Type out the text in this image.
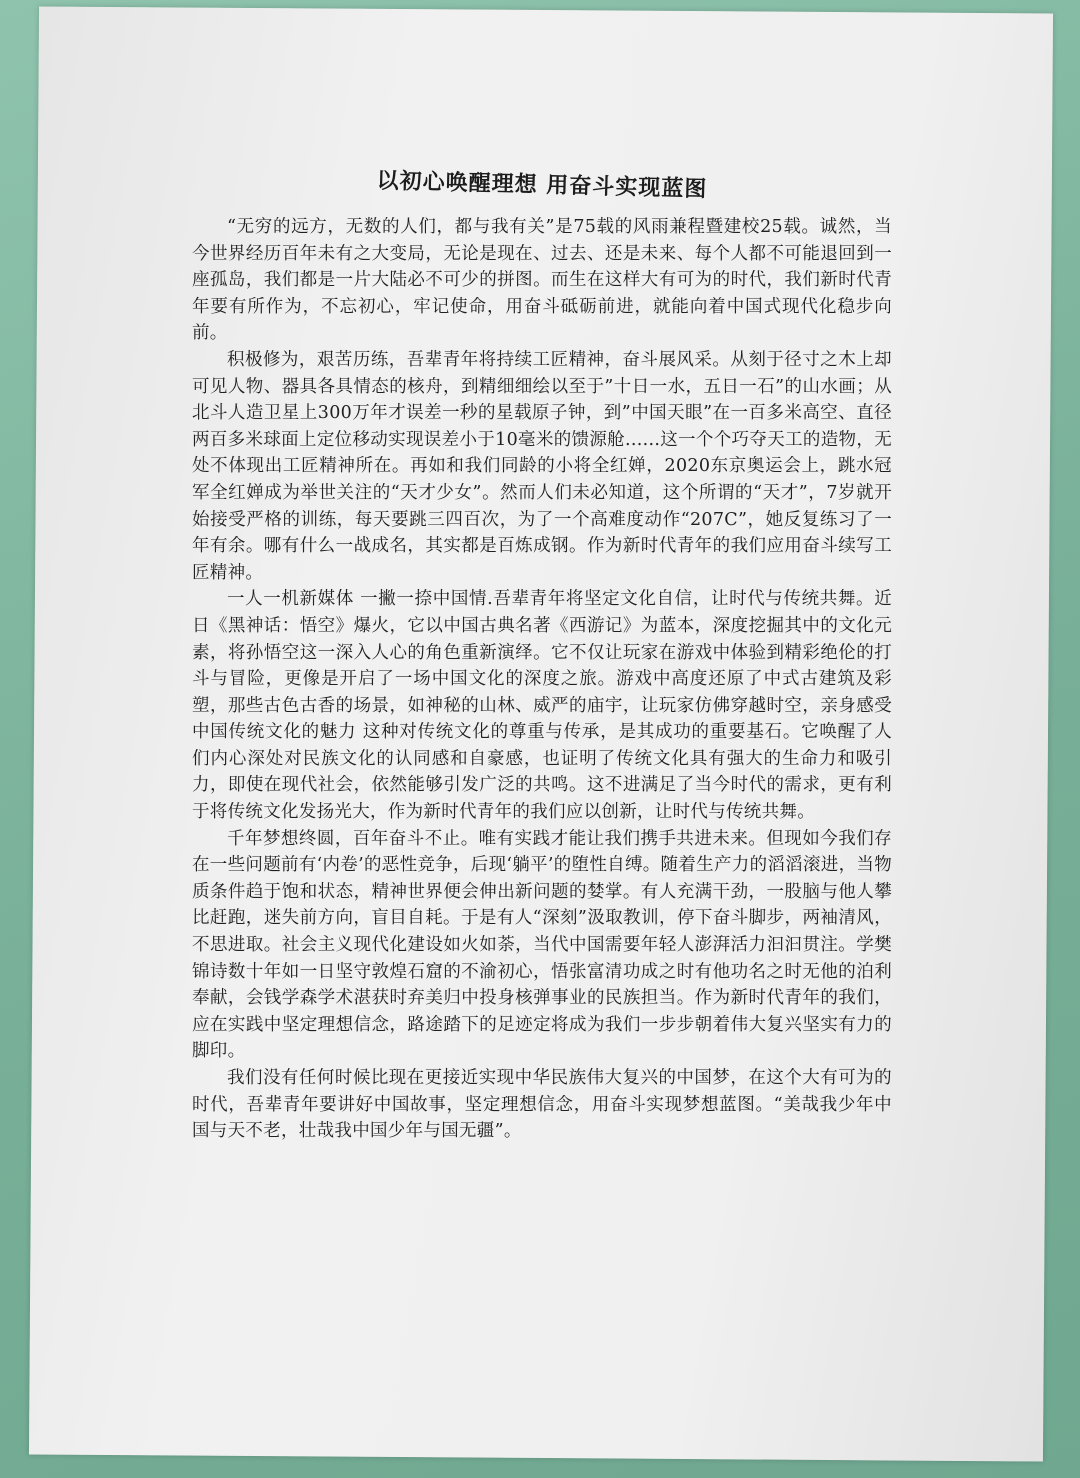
以初心唤醒理想 用奋斗实现蓝图

“无穷的远方，无数的人们，都与我有关”是75载的风雨兼程暨建校25载。诚然，当今世界经历百年未有之大变局，无论是现在、过去、还是未来、每个人都不可能退回到一座孤岛，我们都是一片大陆必不可少的拼图。而生在这样大有可为的时代，我们新时代青年要有所作为，不忘初心，牢记使命，用奋斗砥砺前进，就能向着中国式现代化稳步向前。

积极修为，艰苦历练，吾辈青年将持续工匠精神，奋斗展风采。从刻于径寸之木上却可见人物、器具各具情态的核舟，到精细细绘以至于”十日一水，五日一石”的山水画；从北斗人造卫星上300万年才误差一秒的星载原子钟，到”中国天眼”在一百多米高空、直径两百多米球面上定位移动实现误差小于10毫米的馈源舱......这一个个巧夺天工的造物，无处不体现出工匠精神所在。再如和我们同龄的小将全红婵，2020东京奥运会上，跳水冠军全红婵成为举世关注的“天才少女”。然而人们未必知道，这个所谓的“天才”，7岁就开始接受严格的训练，每天要跳三四百次，为了一个高难度动作“207C”，她反复练习了一年有余。哪有什么一战成名，其实都是百炼成钢。作为新时代青年的我们应用奋斗续写工匠精神。

一人一机新媒体 一撇一捺中国情.吾辈青年将坚定文化自信，让时代与传统共舞。近日《黑神话：悟空》爆火，它以中国古典名著《西游记》为蓝本，深度挖掘其中的文化元素，将孙悟空这一深入人心的角色重新演绎。它不仅让玩家在游戏中体验到精彩绝伦的打斗与冒险，更像是开启了一场中国文化的深度之旅。游戏中高度还原了中式古建筑及彩塑，那些古色古香的场景，如神秘的山林、威严的庙宇，让玩家仿佛穿越时空，亲身感受中国传统文化的魅力 这种对传统文化的尊重与传承，是其成功的重要基石。它唤醒了人们内心深处对民族文化的认同感和自豪感，也证明了传统文化具有强大的生命力和吸引力，即使在现代社会，依然能够引发广泛的共鸣。这不进满足了当今时代的需求，更有利于将传统文化发扬光大，作为新时代青年的我们应以创新，让时代与传统共舞。

千年梦想终圆，百年奋斗不止。唯有实践才能让我们携手共进未来。但现如今我们存在一些问题前有‘内卷’的恶性竞争，后现‘躺平’的堕性自缚。随着生产力的滔滔滚进，当物质条件趋于饱和状态，精神世界便会伸出新问题的婪掌。有人充满干劲，一股脑与他人攀比赶跑，迷失前方向，盲目自耗。于是有人“深刻”汲取教训，停下奋斗脚步，两袖清风，不思进取。社会主义现代化建设如火如荼，当代中国需要年轻人澎湃活力汩汩贯注。学樊锦诗数十年如一日坚守敦煌石窟的不渝初心，悟张富清功成之时有他功名之时无他的泊利奉献，会钱学森学术湛获时弃美归中投身核弹事业的民族担当。作为新时代青年的我们，应在实践中坚定理想信念，路途踏下的足迹定将成为我们一步步朝着伟大复兴坚实有力的脚印。

我们没有任何时候比现在更接近实现中华民族伟大复兴的中国梦，在这个大有可为的时代，吾辈青年要讲好中国故事，坚定理想信念，用奋斗实现梦想蓝图。“美哉我少年中国与天不老，壮哉我中国少年与国无疆”。
